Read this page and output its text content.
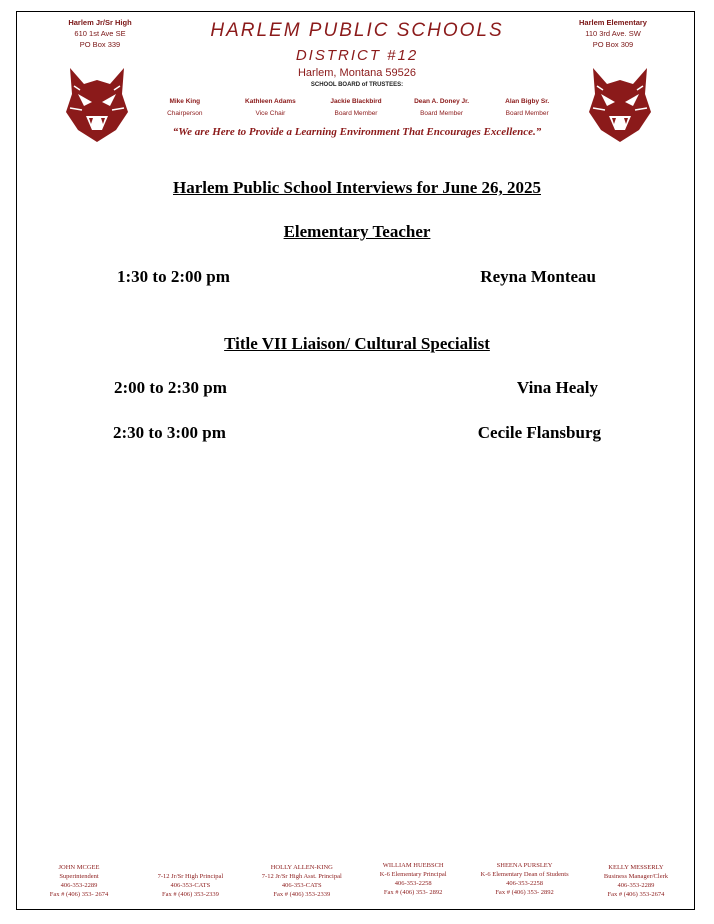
Harlem Jr/Sr High
610 1st Ave SE
PO Box 339
Harlem Elementary
110 3rd Ave. SW
PO Box 309
HARLEM PUBLIC SCHOOLS
DISTRICT #12
Harlem, Montana 59526
SCHOOL BOARD of TRUSTEES:
Mike King
Chairperson
Kathleen Adams
Vice Chair
Jackie Blackbird
Board Member
Dean A. Doney Jr.
Board Member
Alan Bigby Sr.
Board Member
“We are Here to Provide a Learning Environment That Encourages Excellence.”
Harlem Public School Interviews for June 26, 2025
Elementary Teacher
1:30 to 2:00 pm	Reyna Monteau
Title VII Liaison/ Cultural Specialist
2:00 to 2:30 pm	Vina Healy
2:30 to 3:00 pm	Cecile Flansburg
JOHN MCGEE
Superintendent
406-353-2289
Fax # (406) 353- 2674
7-12 Jr/Sr High Principal
406-353-CATS
Fax # (406) 353-2339
HOLLY ALLEN-KING
7-12 Jr/Sr High Asst. Principal
406-353-CATS
Fax # (406) 353-2339
WILLIAM HUEBSCH
K-6 Elementary Principal
406-353-2258
Fax # (406) 353- 2892
SHEENA PURSLEY
K-6 Elementary Dean of Students
406-353-2258
Fax # (406) 353- 2892
KELLY MESSERLY
Business Manager/Clerk
406-353-2289
Fax # (406) 353-2674
